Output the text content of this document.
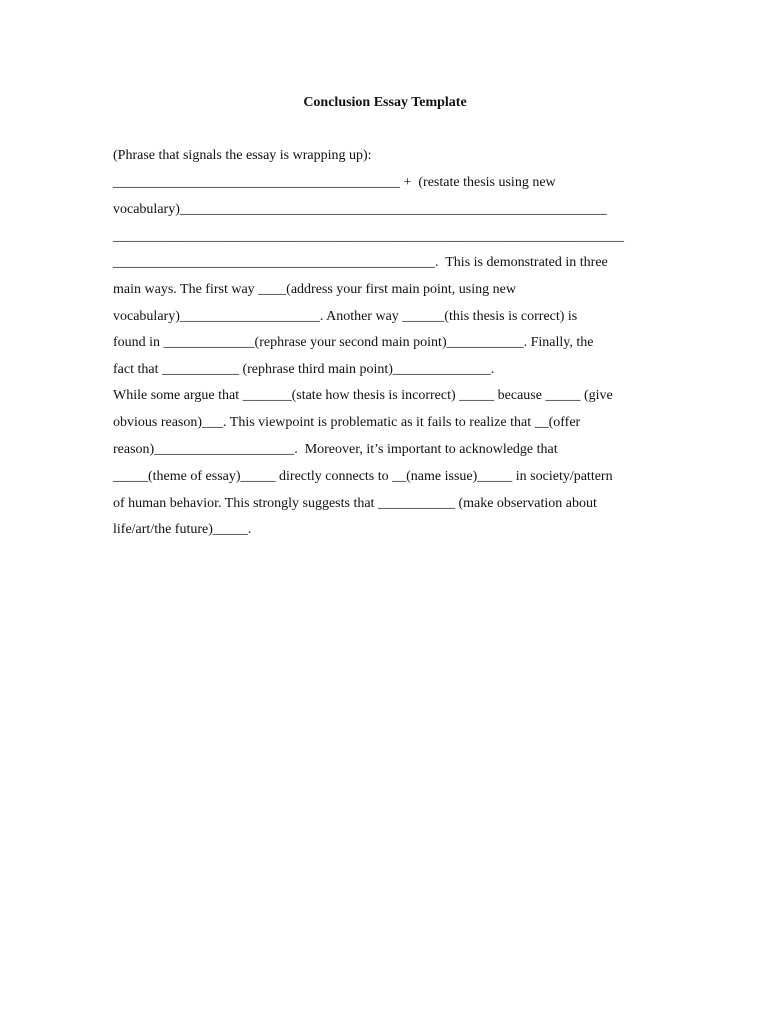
Conclusion Essay Template

(Phrase that signals the essay is wrapping up):

_________________________________________ +  (restate thesis using new

vocabulary)_____________________________________________________________

_________________________________________________________________________

______________________________________________.  This is demonstrated in three

main ways. The first way ____(address your first main point, using new

vocabulary)____________________. Another way ______(this thesis is correct) is

found in _____________(rephrase your second main point)___________. Finally, the

fact that ___________ (rephrase third main point)______________.

While some argue that _______(state how thesis is incorrect) _____ because _____ (give

obvious reason)___. This viewpoint is problematic as it fails to realize that __(offer

reason)____________________.  Moreover, it’s important to acknowledge that

_____(theme of essay)_____ directly connects to __(name issue)_____ in society/pattern

of human behavior. This strongly suggests that ___________ (make observation about

life/art/the future)_____.
